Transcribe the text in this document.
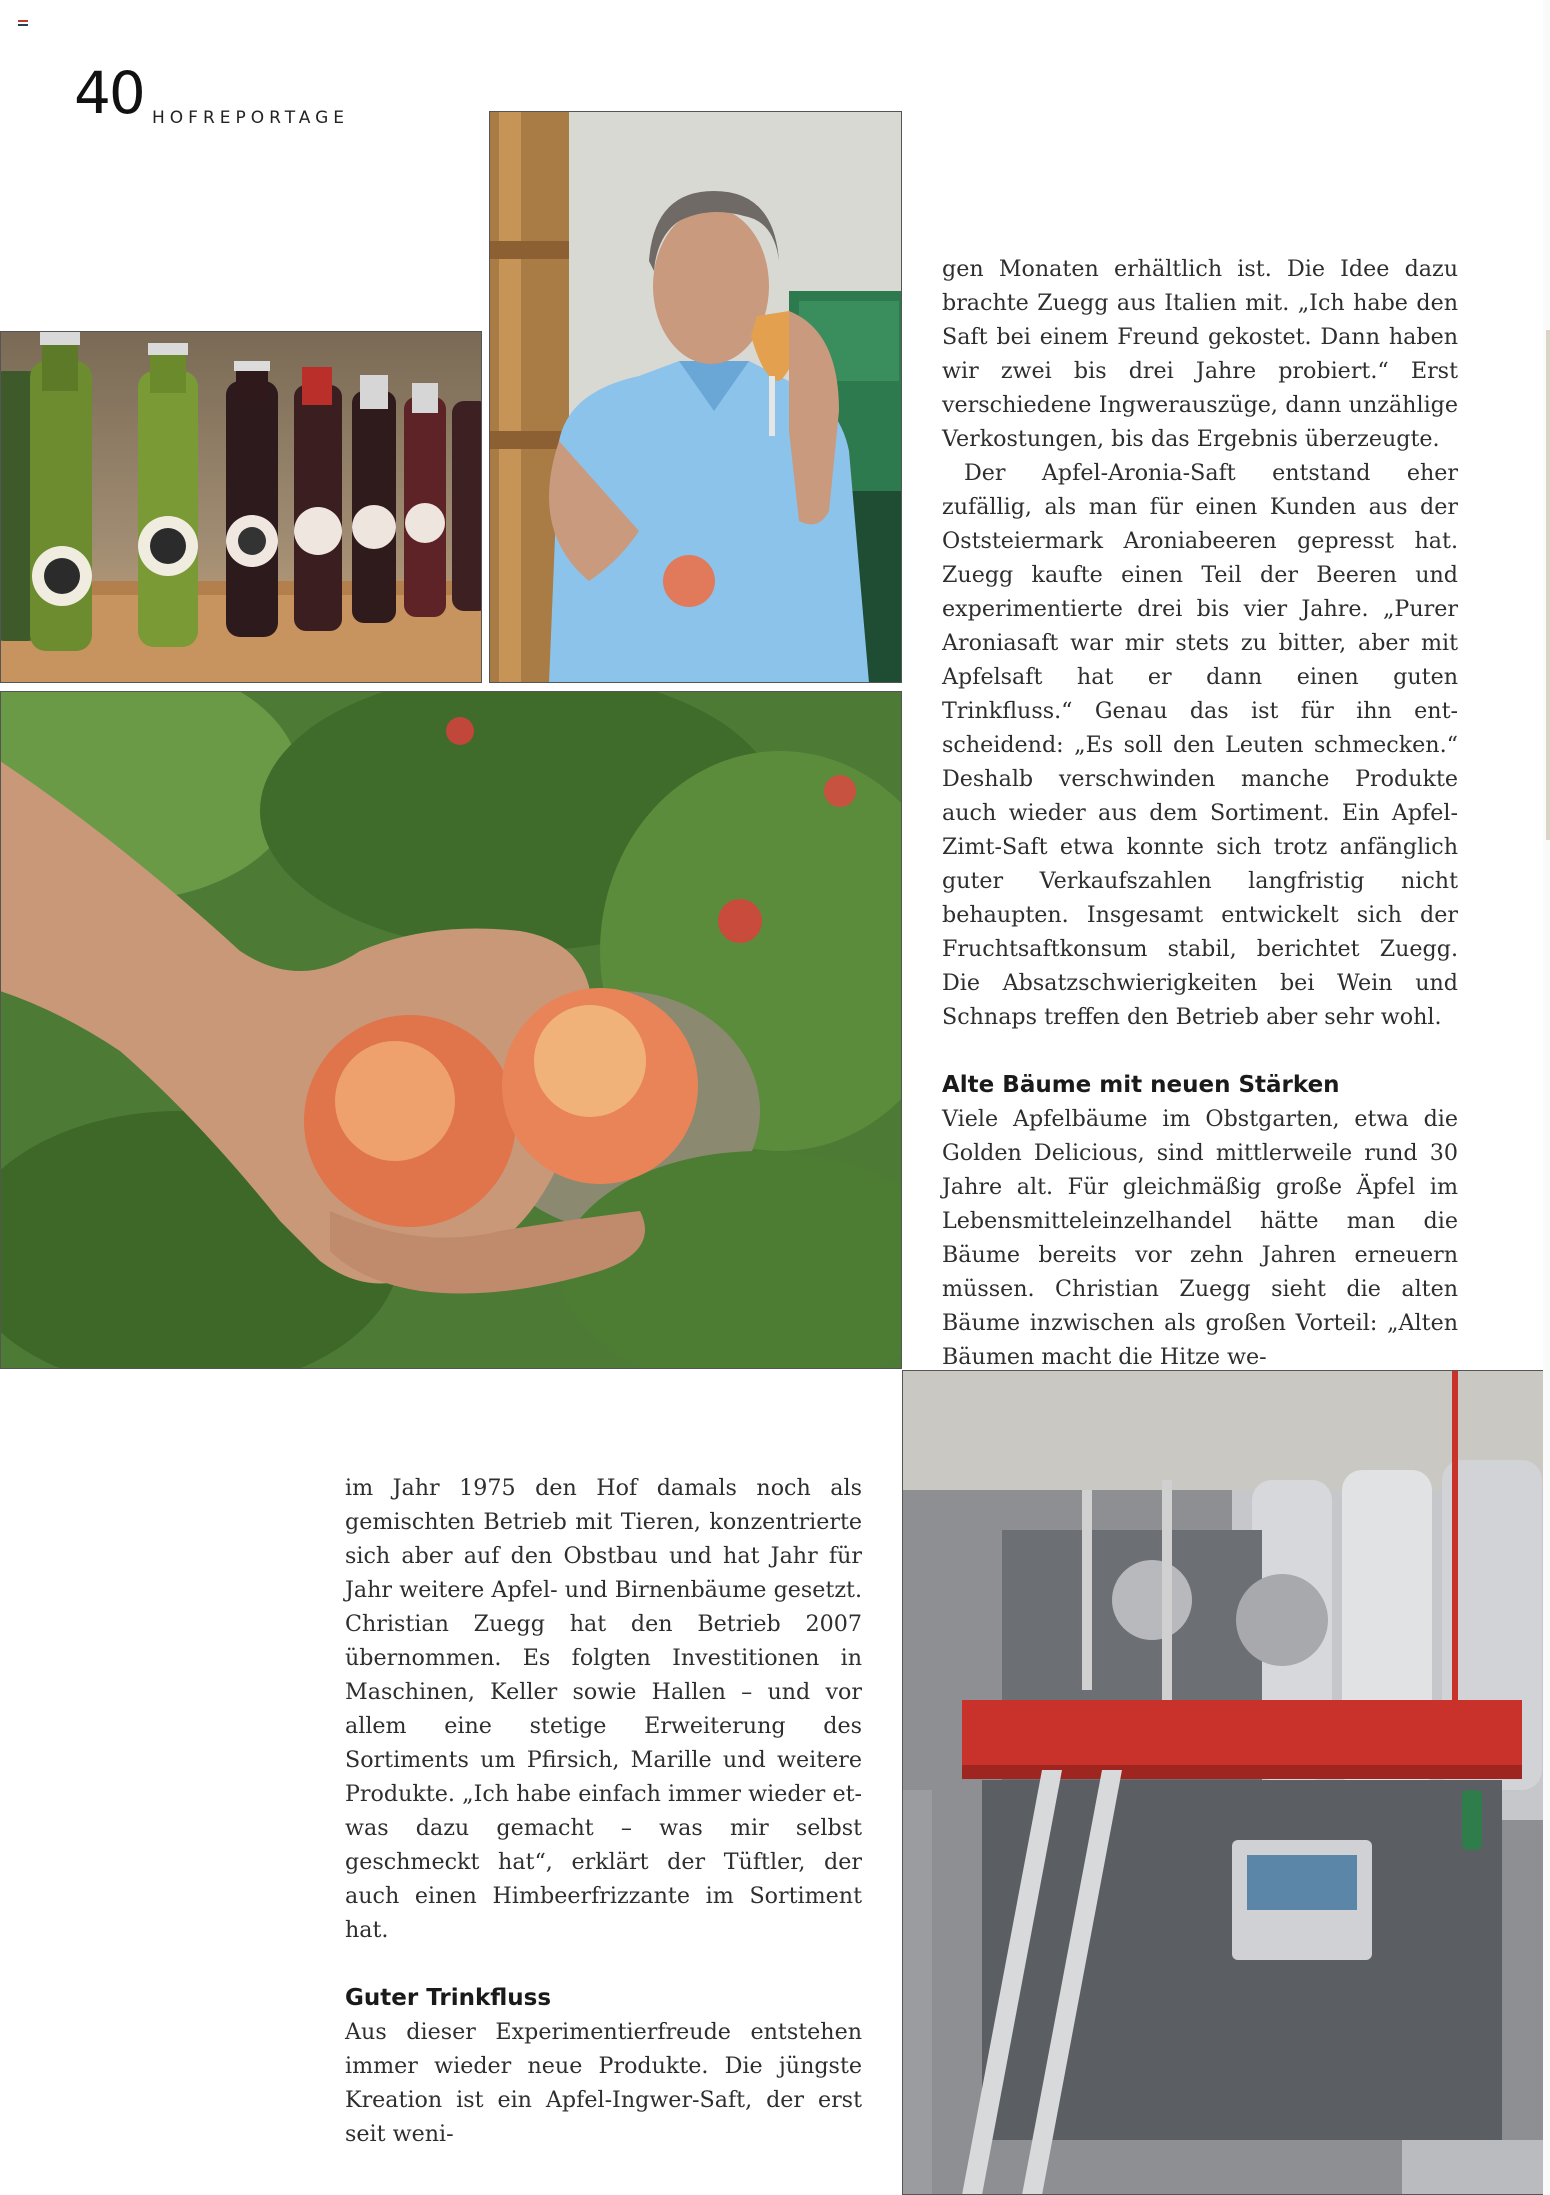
40 HOFREPORTAGE

gen Monaten erhältlich ist. Die Idee dazu brachte Zuegg aus Italien mit. „Ich habe den Saft bei einem Freund gekostet. Dann haben wir zwei bis drei Jahre probiert.“ Erst verschiedene Ingwerauszüge, dann unzählige Verkostungen, bis das Ergebnis überzeugte.

Der Apfel-Aronia-Saft entstand eher zufällig, als man für einen Kunden aus der Oststeiermark Aroniabeeren gepresst hat. Zuegg kaufte einen Teil der Beeren und experimentierte drei bis vier Jahre. „Purer Aroniasaft war mir stets zu bitter, aber mit Apfelsaft hat er dann einen guten Trinkfluss.“ Genau das ist für ihn entscheidend: „Es soll den Leuten schmecken.“ Deshalb verschwinden manche Produkte auch wieder aus dem Sortiment. Ein Apfel-Zimt-Saft etwa konnte sich trotz anfänglich guter Verkaufszahlen langfristig nicht behaupten. Insgesamt entwickelt sich der Fruchtsaftkonsum stabil, berichtet Zuegg. Die Absatzschwierigkeiten bei Wein und Schnaps treffen den Betrieb aber sehr wohl.

Alte Bäume mit neuen Stärken

Viele Apfelbäume im Obstgarten, etwa die Golden Delicious, sind mittlerweile rund 30 Jahre alt. Für gleichmäßig große Äpfel im Lebensmitteleinzelhandel hätte man die Bäume bereits vor zehn Jahren erneuern müssen. Christian Zuegg sieht die alten Bäume inzwischen als großen Vorteil: „Alten Bäumen macht die Hitze we-

im Jahr 1975 den Hof damals noch als gemischten Betrieb mit Tieren, konzentrierte sich aber auf den Obstbau und hat Jahr für Jahr weitere Apfel- und Birnenbäume gesetzt. Christian Zuegg hat den Betrieb 2007 übernommen. Es folgten Investitionen in Maschinen, Keller sowie Hallen – und vor allem eine stetige Erweiterung des Sortiments um Pfirsich, Marille und weitere Produkte. „Ich habe einfach immer wieder etwas dazu gemacht – was mir selbst geschmeckt hat“, erklärt der Tüftler, der auch einen Himbeerfrizzante im Sortiment hat.

Guter Trinkfluss

Aus dieser Experimentierfreude entstehen immer wieder neue Produkte. Die jüngste Kreation ist ein Apfel-Ingwer-Saft, der erst seit weni-
